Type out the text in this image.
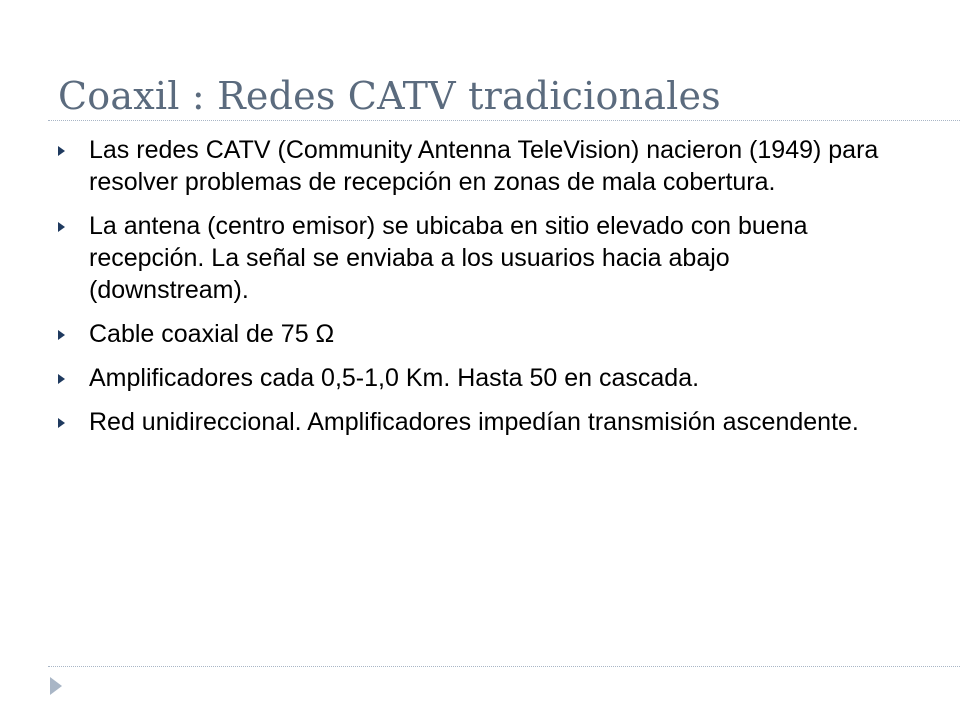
Coaxil : Redes CATV tradicionales
Las redes CATV (Community Antenna TeleVision) nacieron (1949) para resolver problemas de recepción en zonas de mala cobertura.
La antena (centro emisor) se ubicaba en sitio elevado con buena recepción. La señal se enviaba a los usuarios hacia abajo (downstream).
Cable coaxial de 75 Ω
Amplificadores cada 0,5-1,0 Km. Hasta 50 en cascada.
Red unidireccional. Amplificadores impedían transmisión ascendente.
